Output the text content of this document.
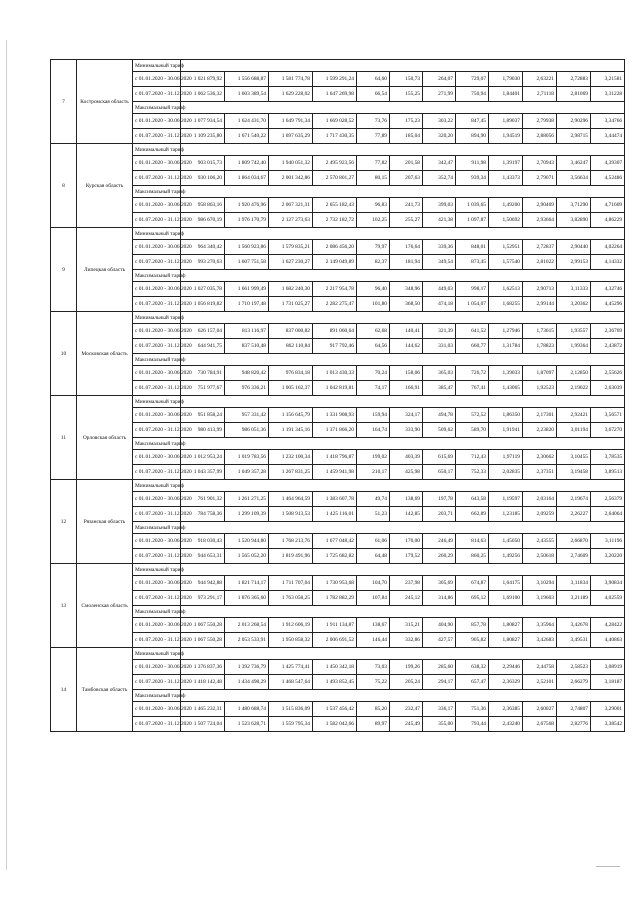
7	Костромская область	Минимальный тариф												
		с 01.01.2020 - 30.06.2020	1 021 879,92	1 556 688,87	1 581 774,78	1 599 291,24	64,60	150,73	264,07	729,07	1,79030	2,63221	2,72883	3,21581
		с 01.07.2020 - 31.12.2020	1 062 536,32	1 603 389,54	1 629 228,02	1 647 269,98	66,54	155,25	271,99	750,94	1,84401	2,71118	2,81069	3,31228
		Максимальный тариф												
		с 01.01.2020 - 30.06.2020	1 077 934,54	1 624 431,70	1 649 791,34	1 669 028,52	73,76	175,23	303,22	847,45	1,89037	2,79938	2,90296	3,34766
		с 01.07.2020 - 31.12.2020	1 109 235,80	1 671 540,22	1 697 635,29	1 717 430,35	77,89	185,04	320,20	894,90	1,94519	2,88056	2,98715	3,44474
8	Курская область	Минимальный тариф												
		с 01.01.2020 - 30.06.2020	903 015,73	1 809 742,40	1 940 051,32	2 495 923,56	77,82	201,58	342,47	911,98	1,39197	2,70943	3,46247	4,39307
		с 01.07.2020 - 31.12.2020	930 106,20	1 864 034,67	2 001 342,86	2 570 801,27	80,15	207,63	352,74	939,34	1,43373	2,79071	3,56634	4,52486
		Максимальный тариф												
		с 01.01.2020 - 30.06.2020	958 863,16	1 920 476,96	2 067 321,31	2 655 182,43	96,83	241,73	399,03	1 039,65	1,49200	2,90469	3,71290	4,71609
		с 01.07.2020 - 31.12.2020	986 670,19	1 976 170,79	2 127 273,63	2 732 182,72	102,25	255,27	421,38	1 097,87	1,50692	2,93664	3,82890	4,86229
9	Липецкая область	Минимальный тариф												
		с 01.01.2020 - 30.06.2020	964 340,42	1 560 923,86	1 579 835,21	2 086 456,20	79,97	176,64	339,36	848,01	1,52951	2,72837	2,90440	4,02264
		с 01.07.2020 - 31.12.2020	993 270,63	1 607 751,58	1 627 230,27	2 149 049,89	82,37	181,94	349,54	873,45	1,57540	2,81022	2,99153	4,14332
		Максимальный тариф												
		с 01.01.2020 - 30.06.2020	1 027 035,78	1 661 999,49	1 682 240,30	2 217 954,78	96,40	348,96	449,03	998,17	1,62513	2,90713	3,11333	4,32746
		с 01.07.2020 - 31.12.2020	1 056 819,82	1 710 197,48	1 731 025,27	2 282 275,47	101,80	368,50	474,18	1 054,07	1,68255	2,99144	3,20362	4,45296
10	Московская область	Минимальный тариф												
		с 01.01.2020 - 30.06.2020	626 157,04	813 116,97	837 000,82	891 060,64	62,68	140,41	321,39	641,52	1,27946	1,73615	1,93557	2,36769
		с 01.07.2020 - 31.12.2020	644 941,75	837 510,48	862 110,84	917 792,46	64,56	144,62	331,03	660,77	1,31784	1,78823	1,99364	2,43872
		Максимальный тариф												
		с 01.01.2020 - 30.06.2020	730 784,91	948 820,42	976 834,18	1 013 430,33	70,24	158,06	365,03	726,72	1,39033	1,87097	2,12850	2,55626
		с 01.07.2020 - 31.12.2020	751 977,67	976 336,21	1 005 162,37	1 042 819,81	74,17	166,91	385,47	767,41	1,43065	1,92523	2,19022	2,63039
11	Орловская область	Минимальный тариф												
		с 01.01.2020 - 30.06.2020	951 858,24	957 331,42	1 156 645,79	1 331 908,93	159,94	324,17	494,78	572,52	1,86350	2,17301	2,92421	3,56571
		с 01.07.2020 - 31.12.2020	980 413,99	986 051,36	1 191 345,16	1 371 866,20	164,74	333,90	509,62	589,70	1,91941	2,23820	3,01194	3,67270
		Максимальный тариф												
		с 01.01.2020 - 30.06.2020	1 012 953,24	1 019 783,56	1 232 100,34	1 418 796,87	199,02	403,39	615,69	712,43	1,97119	2,30662	3,10455	3,78535
		с 01.07.2020 - 31.12.2020	1 043 357,99	1 049 357,28	1 267 831,25	1 459 941,98	210,17	425,98	650,17	752,33	2,02835	2,37351	3,19458	3,89513
12	Рязанская область	Минимальный тариф												
		с 01.01.2020 - 30.06.2020	761 901,32	1 261 271,25	1 464 964,59	1 383 607,78	49,74	138,69	197,78	643,58	1,19597	2,03164	2,19674	2,56379
		с 01.07.2020 - 31.12.2020	784 758,36	1 299 109,39	1 508 913,53	1 425 116,01	51,23	142,85	203,71	662,89	1,23185	2,09259	2,26227	2,64064
		Максимальный тариф												
		с 01.01.2020 - 30.06.2020	918 030,43	1 520 944,80	1 768 213,76	1 677 048,42	61,06	170,00	246,49	814,63	1,45050	2,43555	2,66870	3,11196
		с 01.07.2020 - 31.12.2020	944 653,31	1 565 052,20	1 819 491,96	1 725 682,82	64,48	179,52	260,29	860,25	1,49256	2,50618	2,74609	3,20220
13	Смоленская область	Минимальный тариф												
		с 01.01.2020 - 30.06.2020	944 942,88	1 821 714,17	1 711 707,04	1 730 953,68	104,70	237,98	305,69	674,87	1,64175	3,10294	3,11834	3,90834
		с 01.07.2020 - 31.12.2020	973 291,17	1 876 365,60	1 763 058,25	1 782 882,29	107,84	245,12	314,86	695,12	1,69100	3,19603	3,21189	4,02559
		Максимальный тариф												
		с 01.01.2020 - 30.06.2020	1 067 550,28	2 013 268,54	1 912 606,19	1 911 134,87	138,67	315,21	404,90	857,78	1,80827	3,35964	3,42678	4,28422
		с 01.07.2020 - 31.12.2020	1 067 550,28	2 053 533,91	1 950 858,32	2 006 691,52	146,44	332,86	427,57	905,82	1,80827	3,42683	3,49531	4,40863
14	Тамбовская область	Минимальный тариф												
		с 01.01.2020 - 30.06.2020	1 376 837,36	1 392 736,79	1 425 774,41	1 450 342,18	73,03	199,26	285,60	638,32	2,29446	2,44758	2,58523	3,08919
		с 01.07.2020 - 31.12.2020	1 418 142,48	1 434 498,29	1 468 547,64	1 493 852,45	75,22	205,24	294,17	657,47	2,36329	2,52101	2,66279	3,18187
		Максимальный тариф												
		с 01.01.2020 - 30.06.2020	1 465 232,31	1 480 688,74	1 515 836,09	1 537 456,42	85,20	232,47	336,17	751,36	2,36385	2,60027	2,74807	3,29001
		с 01.07.2020 - 31.12.2020	1 507 724,04	1 523 628,71	1 559 795,34	1 582 042,66	89,97	245,49	355,00	793,44	2,43240	2,67568	2,82776	3,38542
